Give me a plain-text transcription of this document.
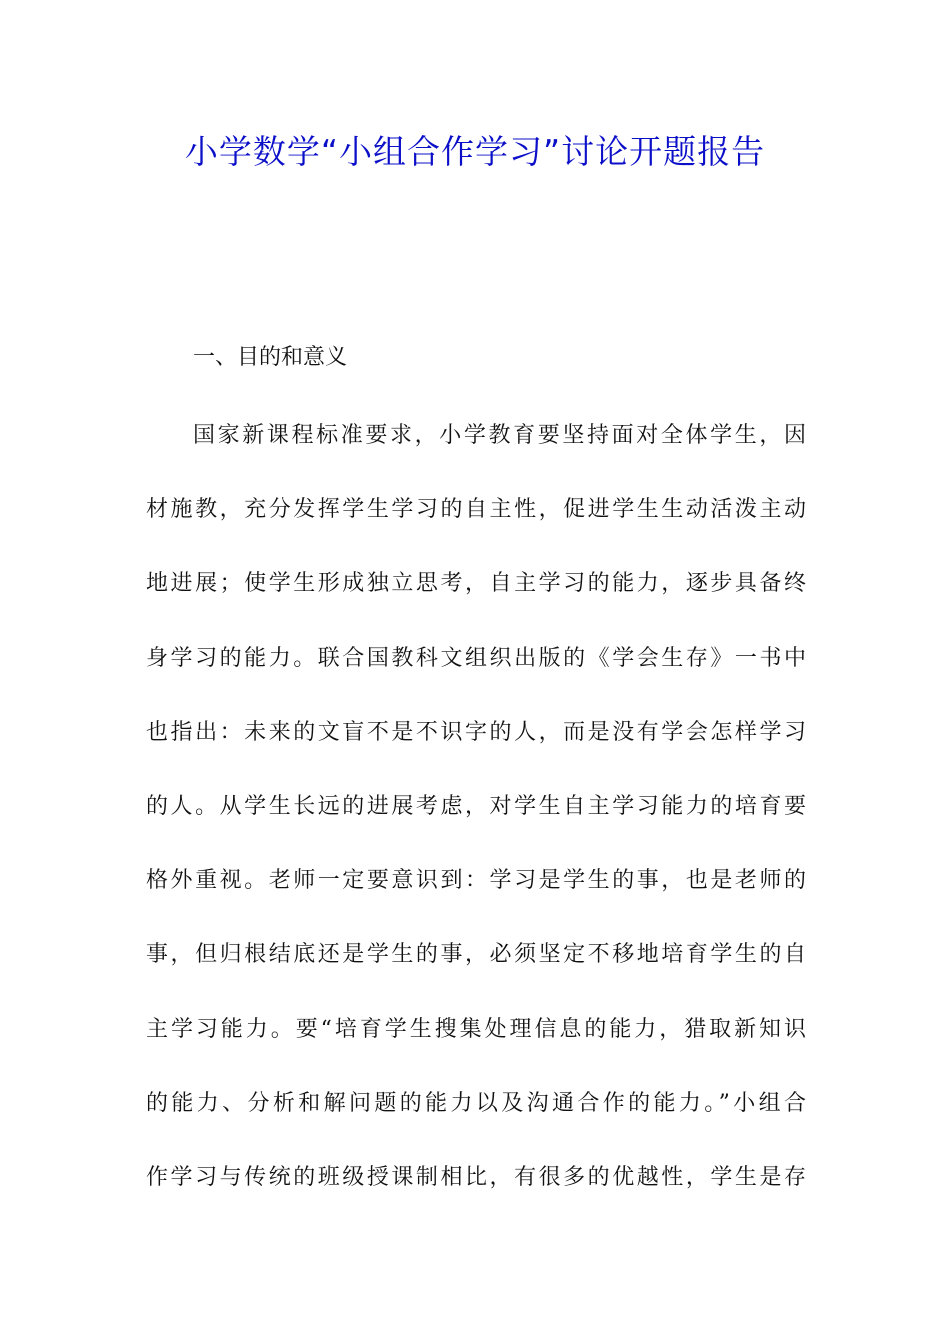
小学数学“小组合作学习”讨论开题报告
一、目的和意义
国家新课程标准要求，小学教育要坚持面对全体学生，因
材施教，充分发挥学生学习的自主性，促进学生生动活泼主动
地进展；使学生形成独立思考，自主学习的能力，逐步具备终
身学习的能力。联合国教科文组织出版的《学会生存》一书中
也指出：未来的文盲不是不识字的人，而是没有学会怎样学习
的人。从学生长远的进展考虑，对学生自主学习能力的培育要
格外重视。老师一定要意识到：学习是学生的事，也是老师的
事，但归根结底还是学生的事，必须坚定不移地培育学生的自
主学习能力。要“培育学生搜集处理信息的能力，猎取新知识
的能力、分析和解问题的能力以及沟通合作的能力。”小组合
作学习与传统的班级授课制相比，有很多的优越性，学生是存
